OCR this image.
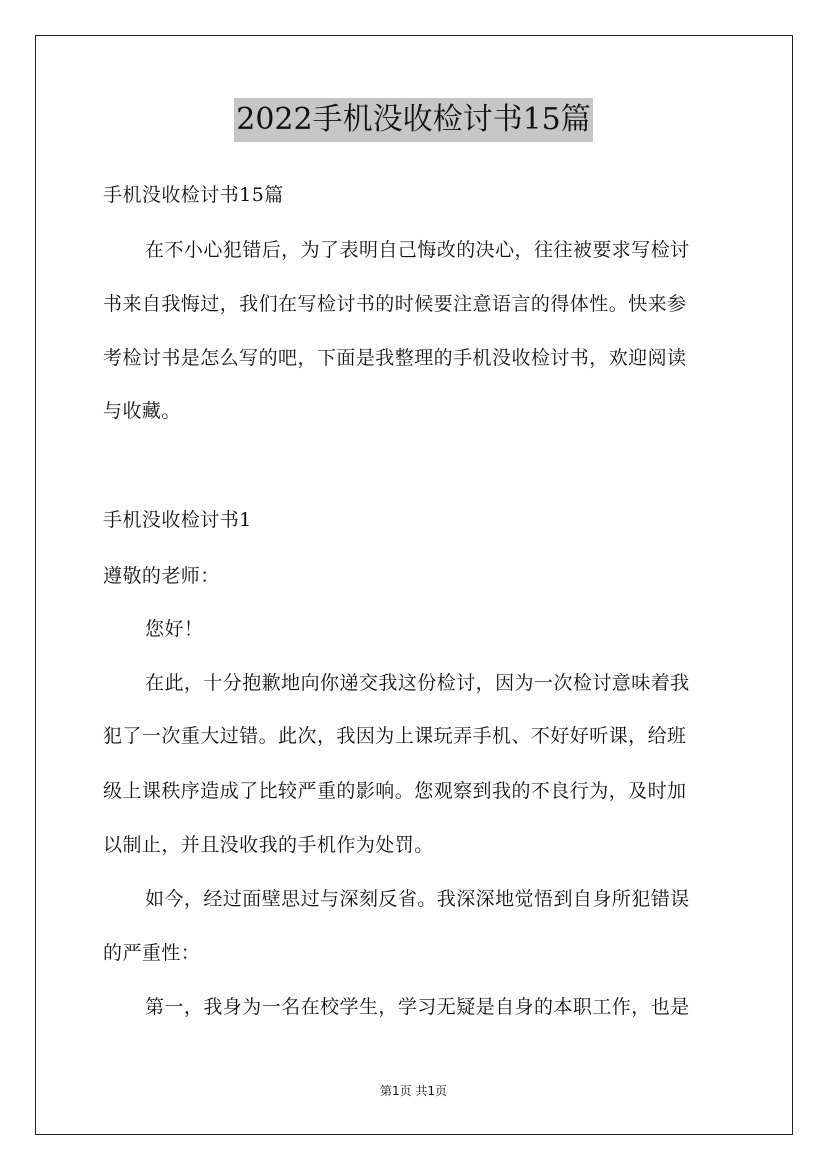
2022手机没收检讨书15篇
手机没收检讨书15篇
在不小心犯错后，为了表明自己悔改的决心，往往被要求写检讨
书来自我悔过，我们在写检讨书的时候要注意语言的得体性。快来参
考检讨书是怎么写的吧，下面是我整理的手机没收检讨书，欢迎阅读
与收藏。
手机没收检讨书1
遵敬的老师：
您好！
在此，十分抱歉地向你递交我这份检讨，因为一次检讨意味着我
犯了一次重大过错。此次，我因为上课玩弄手机、不好好听课，给班
级上课秩序造成了比较严重的影响。您观察到我的不良行为，及时加
以制止，并且没收我的手机作为处罚。
如今，经过面壁思过与深刻反省。我深深地觉悟到自身所犯错误
的严重性：
第一，我身为一名在校学生，学习无疑是自身的本职工作，也是
第1页 共1页
